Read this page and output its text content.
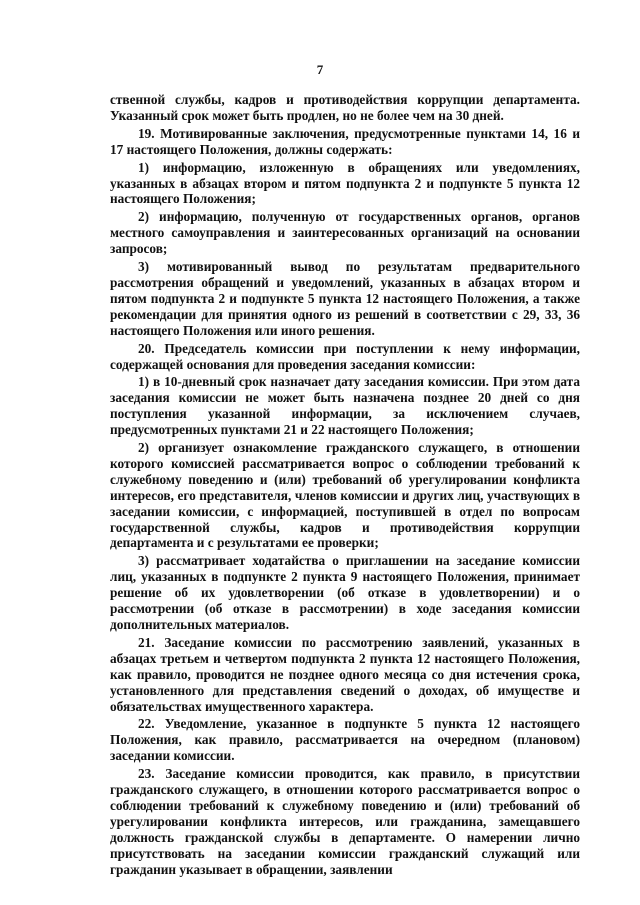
7

ственной службы, кадров и противодействия коррупции департамента. Указанный срок может быть продлен, но не более чем на 30 дней.

19. Мотивированные заключения, предусмотренные пунктами 14, 16 и 17 настоящего Положения, должны содержать:

1) информацию, изложенную в обращениях или уведомлениях, указанных в абзацах втором и пятом подпункта 2 и подпункте 5 пункта 12 настоящего Положения;

2) информацию, полученную от государственных органов, органов местного самоуправления и заинтересованных организаций на основании запросов;

3) мотивированный вывод по результатам предварительного рассмотрения обращений и уведомлений, указанных в абзацах втором и пятом подпункта 2 и подпункте 5 пункта 12 настоящего Положения, а также рекомендации для принятия одного из решений в соответствии с 29, 33, 36 настоящего Положения или иного решения.

20. Председатель комиссии при поступлении к нему информации, содержащей основания для проведения заседания комиссии:

1) в 10-дневный срок назначает дату заседания комиссии. При этом дата заседания комиссии не может быть назначена позднее 20 дней со дня поступления указанной информации, за исключением случаев, предусмотренных пунктами 21 и 22 настоящего Положения;

2) организует ознакомление гражданского служащего, в отношении которого комиссией рассматривается вопрос о соблюдении требований к служебному поведению и (или) требований об урегулировании конфликта интересов, его представителя, членов комиссии и других лиц, участвующих в заседании комиссии, с информацией, поступившей в отдел по вопросам государственной службы, кадров и противодействия коррупции департамента и с результатами ее проверки;

3) рассматривает ходатайства о приглашении на заседание комиссии лиц, указанных в подпункте 2 пункта 9 настоящего Положения, принимает решение об их удовлетворении (об отказе в удовлетворении) и о рассмотрении (об отказе в рассмотрении) в ходе заседания комиссии дополнительных материалов.

21. Заседание комиссии по рассмотрению заявлений, указанных в абзацах третьем и четвертом подпункта 2 пункта 12 настоящего Положения, как правило, проводится не позднее одного месяца со дня истечения срока, установленного для представления сведений о доходах, об имуществе и обязательствах имущественного характера.

22. Уведомление, указанное в подпункте 5 пункта 12 настоящего Положения, как правило, рассматривается на очередном (плановом) заседании комиссии.

23. Заседание комиссии проводится, как правило, в присутствии гражданского служащего, в отношении которого рассматривается вопрос о соблюдении требований к служебному поведению и (или) требований об урегулировании конфликта интересов, или гражданина, замещавшего должность гражданской службы в департаменте. О намерении лично присутствовать на заседании комиссии гражданский служащий или гражданин указывает в обращении, заявлении
